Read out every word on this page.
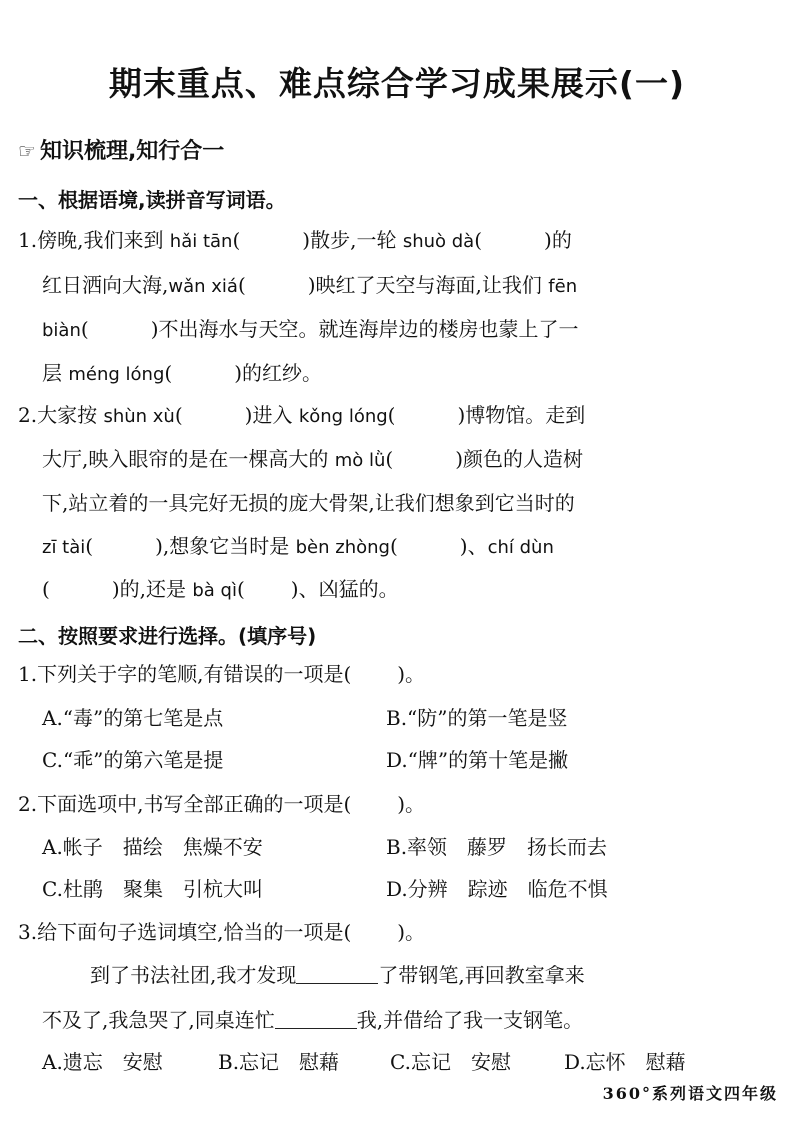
期末重点、难点综合学习成果展示(一)
☞ 知识梳理,知行合一
一、根据语境,读拼音写词语。
1.傍晚,我们来到 hǎi tān(	)散步,一轮 shuò dà(	)的
红日洒向大海,wǎn xiá(	)映红了天空与海面,让我们 fēn
biàn(	)不出海水与天空。就连海岸边的楼房也蒙上了一
层 méng lóng(	)的红纱。
2.大家按 shùn xù(	)进入 kǒng lóng(	)博物馆。走到
大厅,映入眼帘的是在一棵高大的 mò lǜ(	)颜色的人造树
下,站立着的一具完好无损的庞大骨架,让我们想象到它当时的
zī tài(	),想象它当时是 bèn zhòng(	)、chí dùn
(	)的,还是 bà qì( )、凶猛的。
二、按照要求进行选择。(填序号)
1.下列关于字的笔顺,有错误的一项是( )。
A.“毒”的第七笔是点	B.“防”的第一笔是竖
C.“乖”的第六笔是提	D.“牌”的第十笔是撇
2.下面选项中,书写全部正确的一项是( )。
A.帐子　描绘　焦燥不安	B.率领　藤罗　扬长而去
C.杜鹃　聚集　引杭大叫	D.分辨　踪迹　临危不惧
3.给下面句子选词填空,恰当的一项是( )。
到了书法社团,我才发现	了带钢笔,再回教室拿来
不及了,我急哭了,同桌连忙	我,并借给了我一支钢笔。
A.遗忘　安慰	B.忘记　慰藉	C.忘记　安慰	D.忘怀　慰藉
360°系列语文四年级
